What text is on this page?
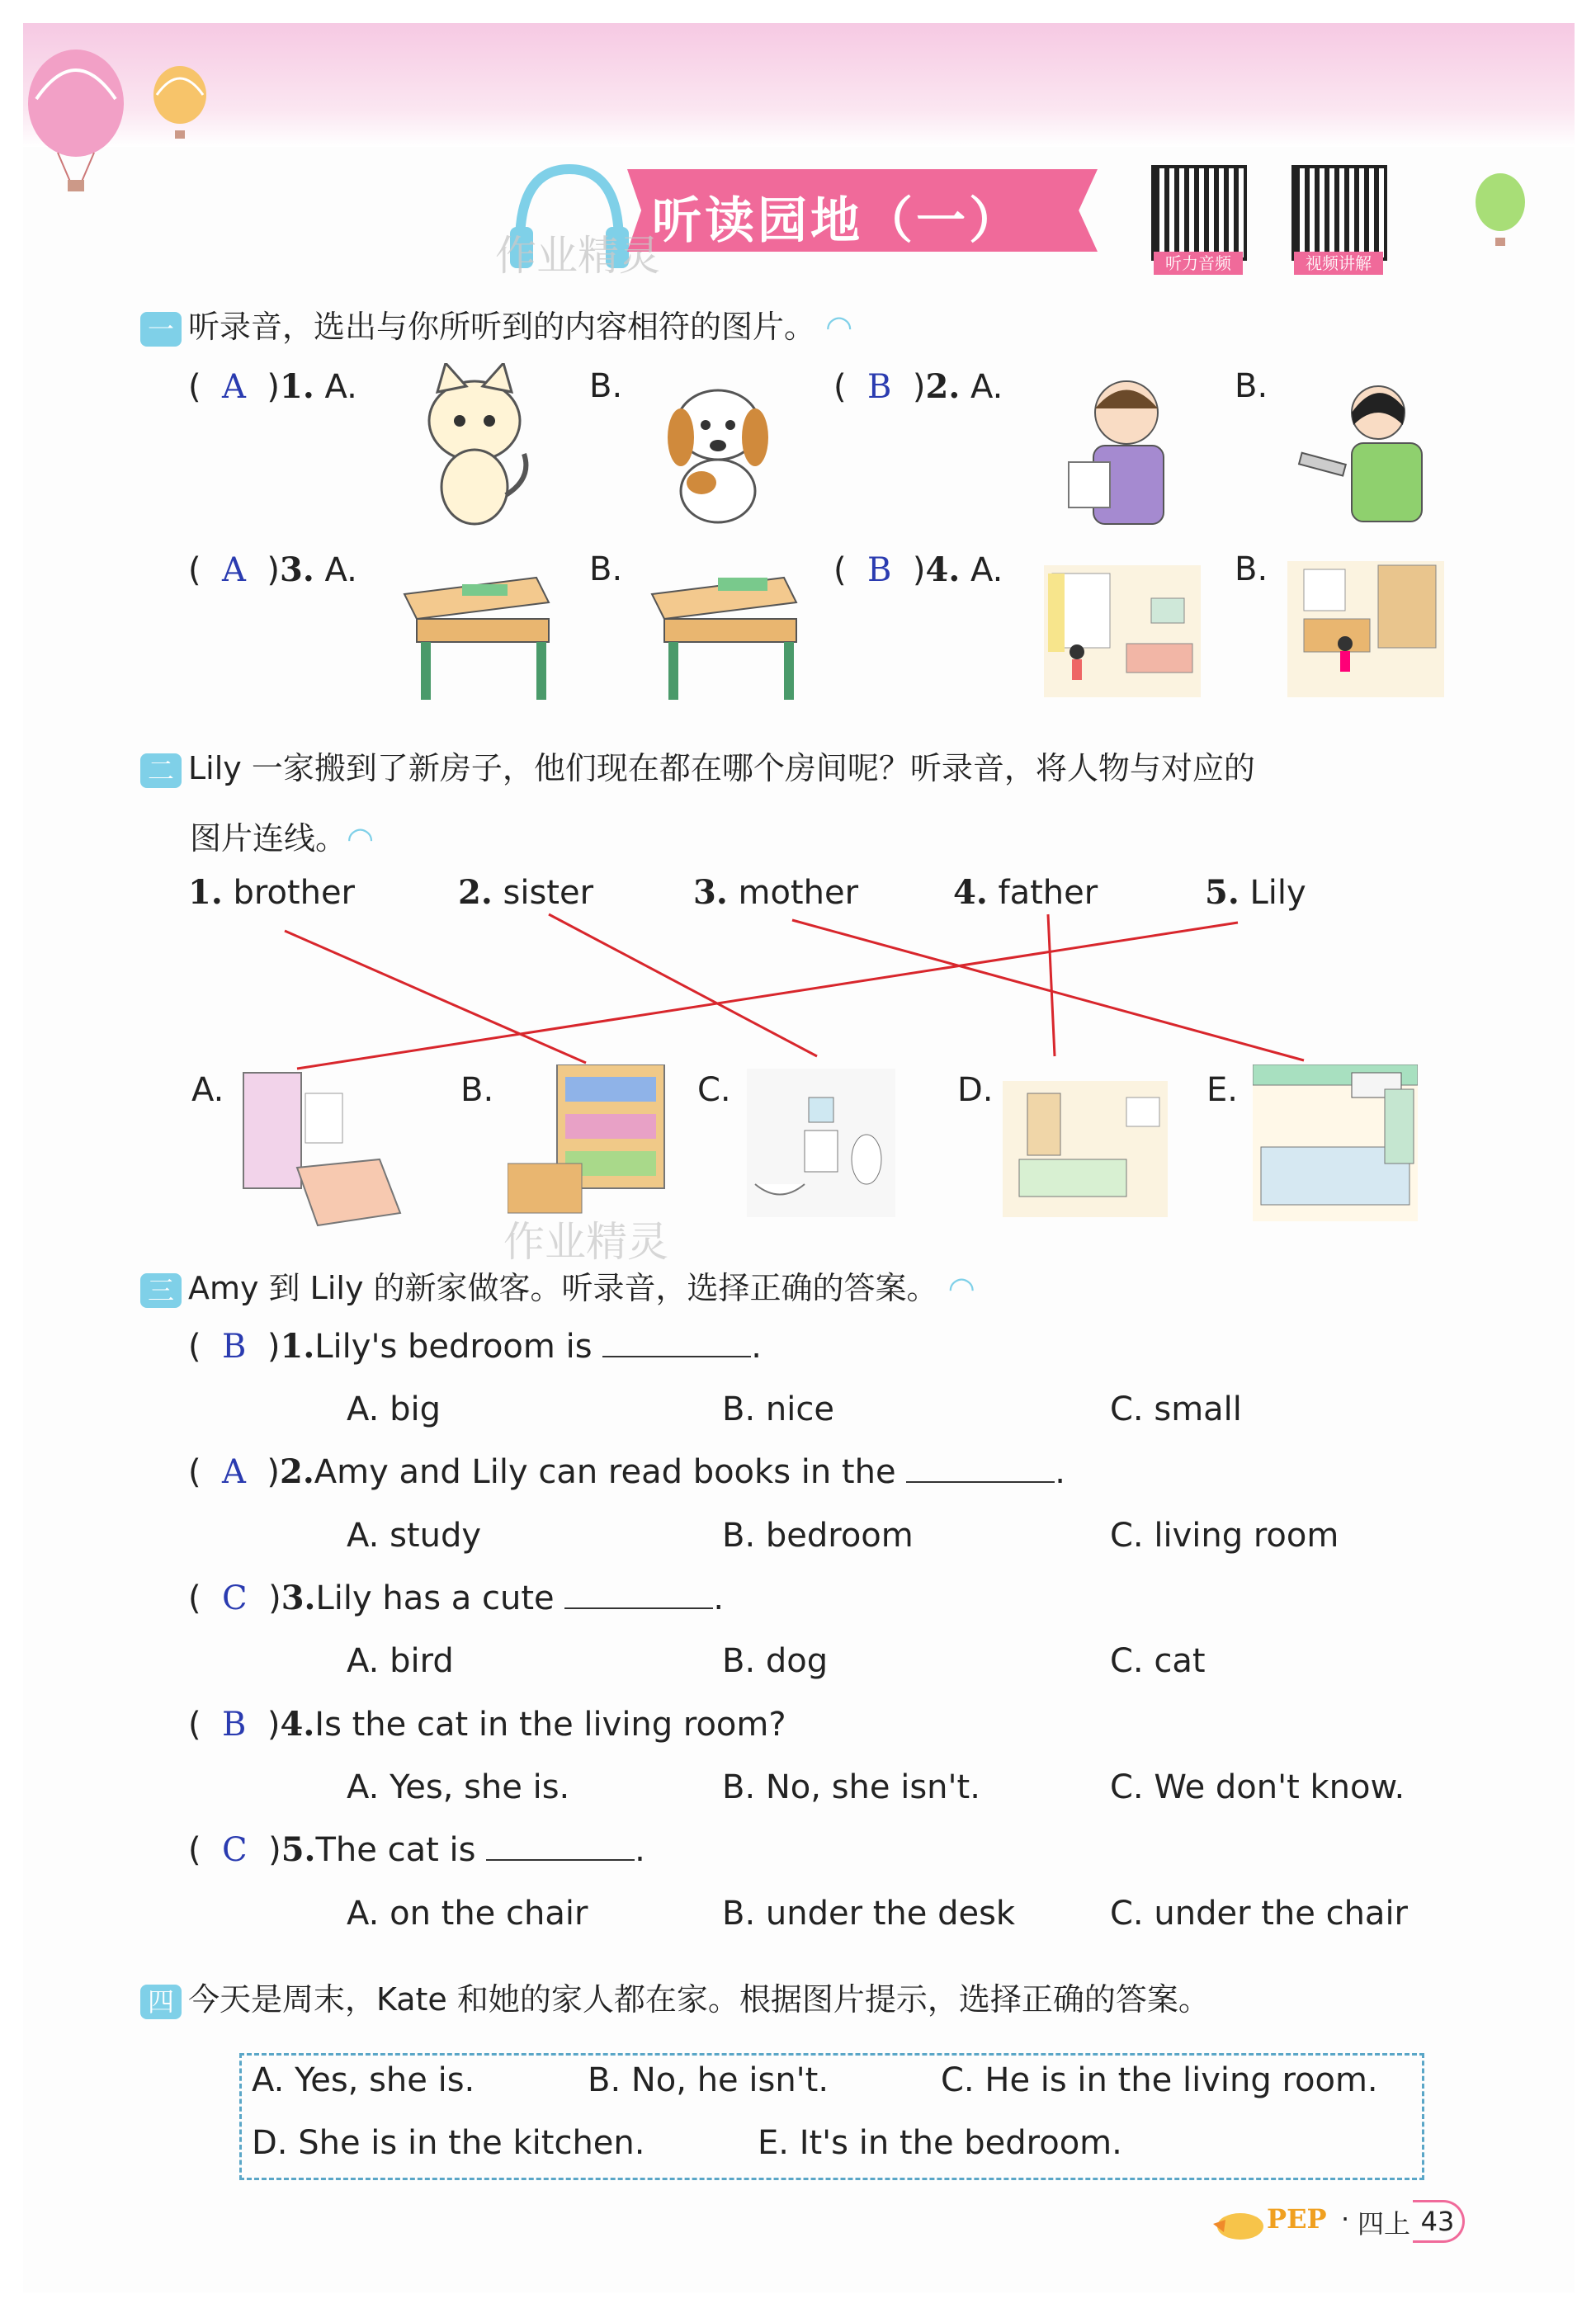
听读园地（一）
作业精灵	听力音频	视频讲解
一 听录音，选出与你所听到的内容相符的图片。 ◠
(  A  )1. A.	B.	(  B  )2. A.	B.
(  A  )3. A.	B.	(  B  )4. A.	B.
二 Lily 一家搬到了新房子，他们现在都在哪个房间呢？听录音，将人物与对应的
图片连线。◠
1. brother	2. sister	3. mother	4. father	5. Lily
A.	B.	C.	D.	E.
作业精灵
三 Amy 到 Lily 的新家做客。听录音，选择正确的答案。 ◠
(  B  )1.Lily's bedroom is	.
A. big	B. nice	C. small
(  A  )2.Amy and Lily can read books in the	.
A. study	B. bedroom	C. living room
(  C  )3.Lily has a cute	.
A. bird	B. dog	C. cat
(  B  )4.Is the cat in the living room?
A. Yes, she is.	B. No, she isn't.	C. We don't know.
(  C  )5.The cat is	.
A. on the chair	B. under the desk	C. under the chair
四 今天是周末，Kate 和她的家人都在家。根据图片提示，选择正确的答案。
A. Yes, she is.	B. No, he isn't.	C. He is in the living room.
D. She is in the kitchen.	E. It's in the bedroom.
PEP · 四上 43
